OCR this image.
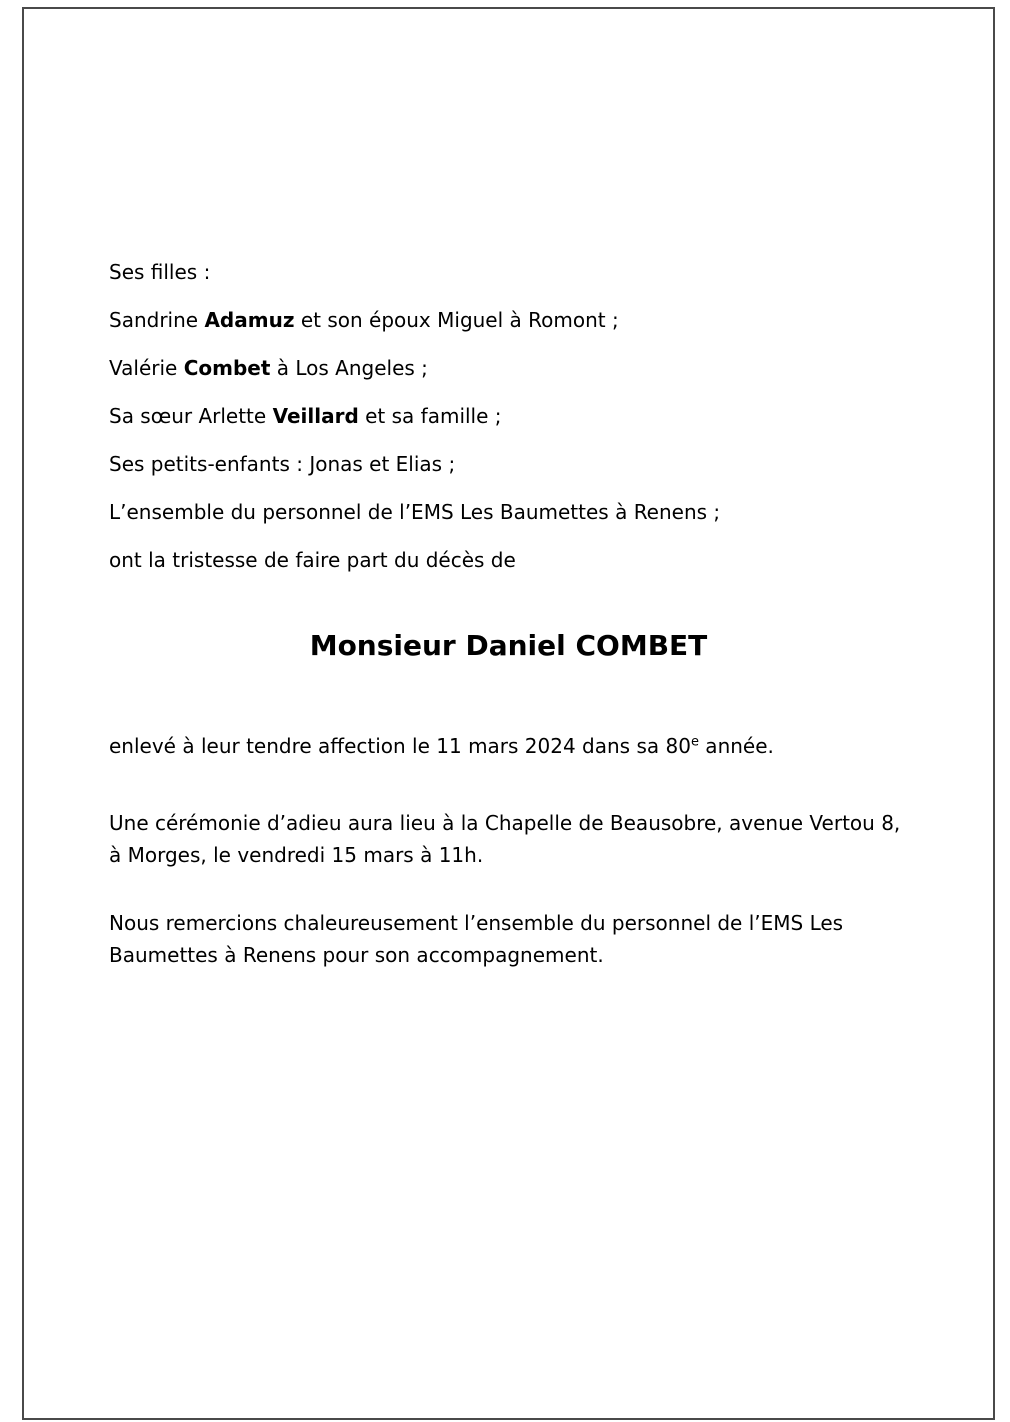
Ses filles :

Sandrine Adamuz et son époux Miguel à Romont ;

Valérie Combet à Los Angeles ;

Sa sœur Arlette Veillard et sa famille ;

Ses petits-enfants : Jonas et Elias ;

L’ensemble du personnel de l’EMS Les Baumettes à Renens ;

ont la tristesse de faire part du décès de

Monsieur Daniel COMBET

enlevé à leur tendre affection le 11 mars 2024 dans sa 80e année.

Une cérémonie d’adieu aura lieu à la Chapelle de Beausobre, avenue Vertou 8,
à Morges, le vendredi 15 mars à 11h.

Nous remercions chaleureusement l’ensemble du personnel de l’EMS Les
Baumettes à Renens pour son accompagnement.
